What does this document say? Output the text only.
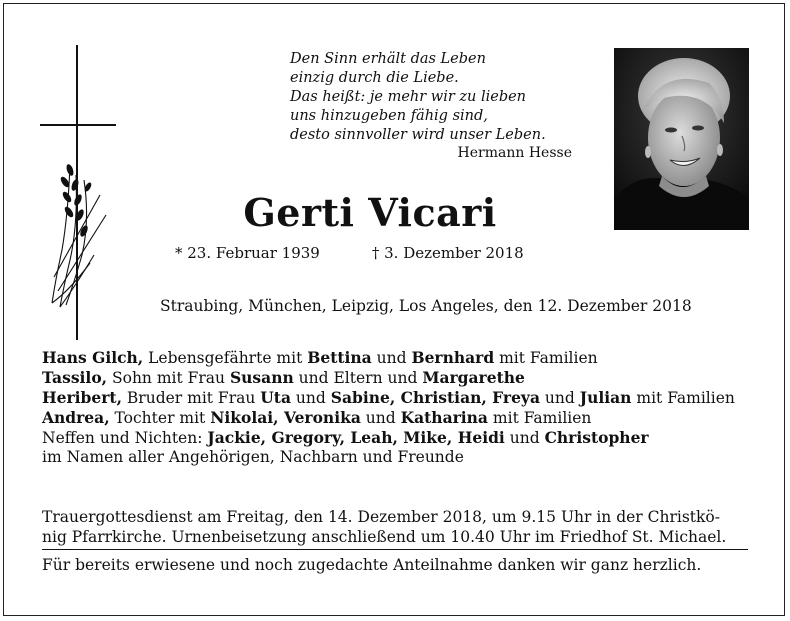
Den Sinn erhält das Leben
einzig durch die Liebe.
Das heißt: je mehr wir zu lieben
uns hinzugeben fähig sind,
desto sinnvoller wird unser Leben.
Hermann Hesse
Gerti Vicari
* 23. Februar 1939	† 3. Dezember 2018
Straubing, München, Leipzig, Los Angeles, den 12. Dezember 2018
Hans Gilch, Lebensgefährte mit Bettina und Bernhard mit Familien
Tassilo, Sohn mit Frau Susann und Eltern und Margarethe
Heribert, Bruder mit Frau Uta und Sabine, Christian, Freya und Julian mit Familien
Andrea, Tochter mit Nikolai, Veronika und Katharina mit Familien
Neffen und Nichten: Jackie, Gregory, Leah, Mike, Heidi und Christopher
im Namen aller Angehörigen, Nachbarn und Freunde
Trauergottesdienst am Freitag, den 14. Dezember 2018, um 9.15 Uhr in der Christkö-
nig Pfarrkirche. Urnenbeisetzung anschließend um 10.40 Uhr im Friedhof St. Michael.
Für bereits erwiesene und noch zugedachte Anteilnahme danken wir ganz herzlich.
